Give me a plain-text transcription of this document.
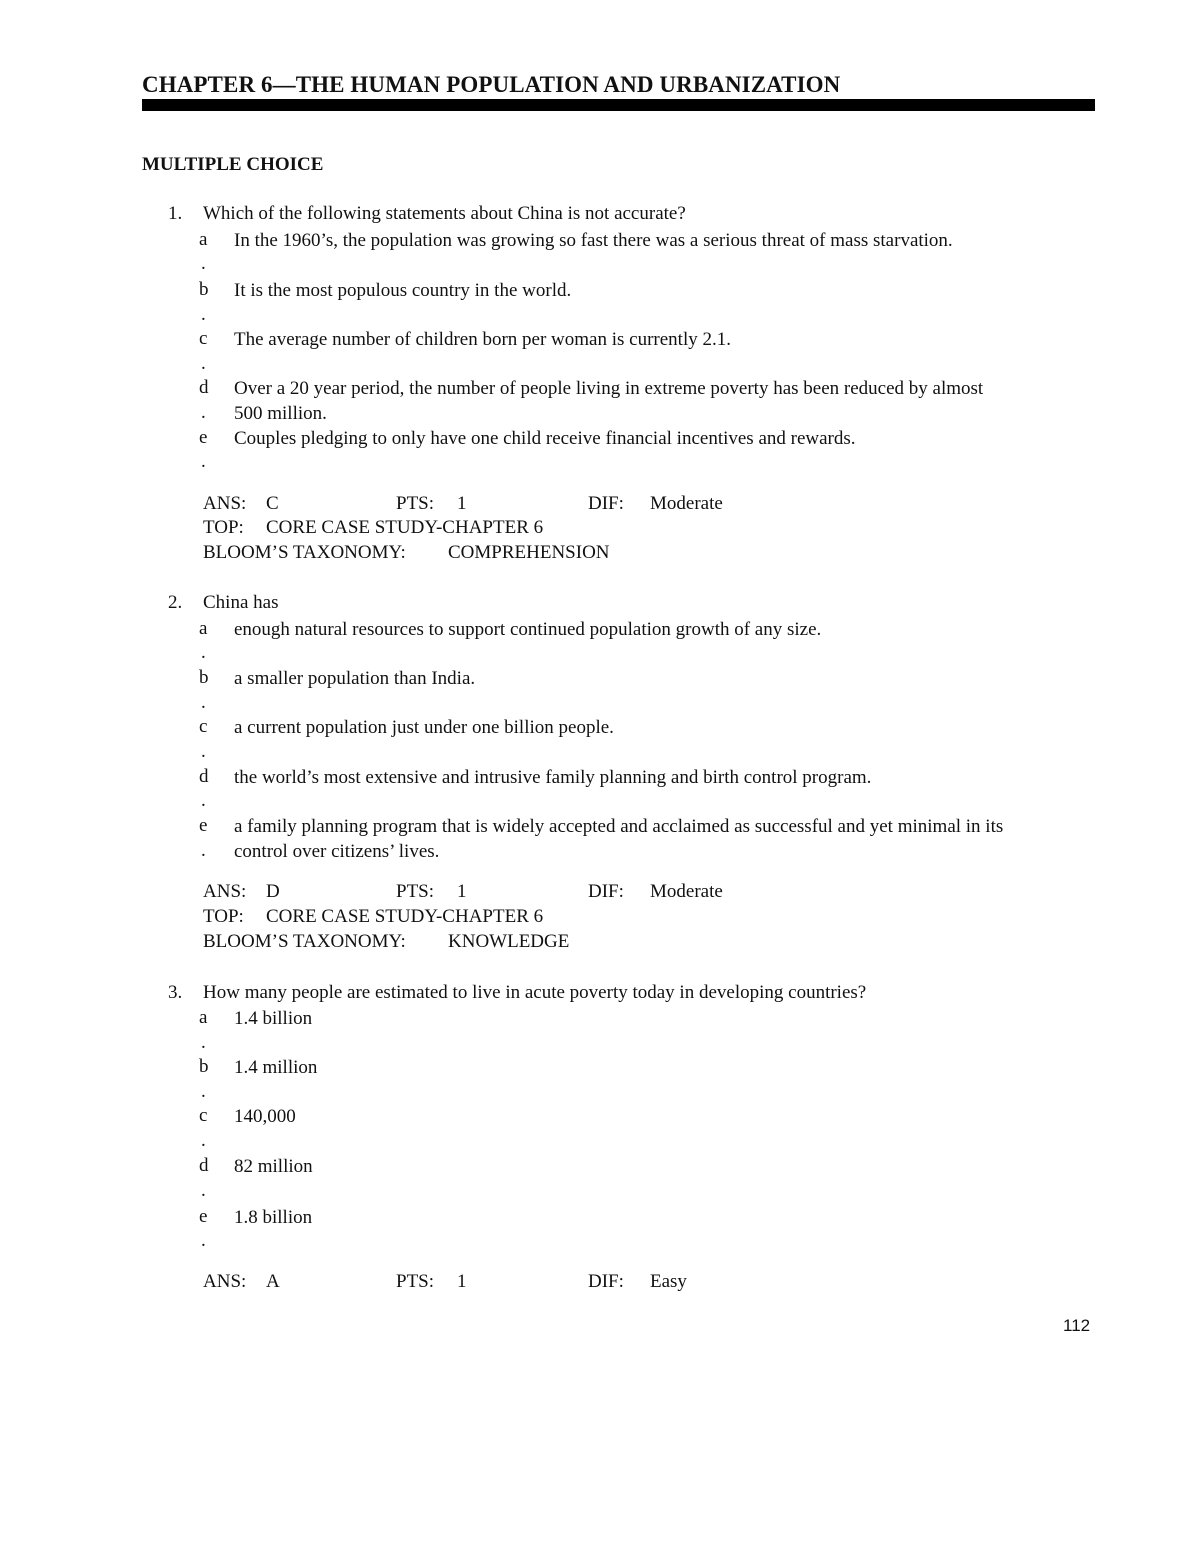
CHAPTER 6—THE HUMAN POPULATION AND URBANIZATION
MULTIPLE CHOICE
1. Which of the following statements about China is not accurate?
a
.
In the 1960’s, the population was growing so fast there was a serious threat of mass starvation.
b
.
It is the most populous country in the world.
c
.
The average number of children born per woman is currently 2.1.
d
.
Over a 20 year period, the number of people living in extreme poverty has been reduced by almost 500 million.
e
.
Couples pledging to only have one child receive financial incentives and rewards.
ANS: C	PTS: 1	DIF: Moderate
TOP: CORE CASE STUDY-CHAPTER 6
BLOOM’S TAXONOMY: COMPREHENSION
2. China has
a
.
enough natural resources to support continued population growth of any size.
b
.
a smaller population than India.
c
.
a current population just under one billion people.
d
.
the world’s most extensive and intrusive family planning and birth control program.
e
.
a family planning program that is widely accepted and acclaimed as successful and yet minimal in its control over citizens’ lives.
ANS: D	PTS: 1	DIF: Moderate
TOP: CORE CASE STUDY-CHAPTER 6
BLOOM’S TAXONOMY: KNOWLEDGE
3. How many people are estimated to live in acute poverty today in developing countries?
a
.
1.4 billion
b
.
1.4 million
c
.
140,000
d
.
82 million
e
.
1.8 billion
ANS: A	PTS: 1	DIF: Easy
112
